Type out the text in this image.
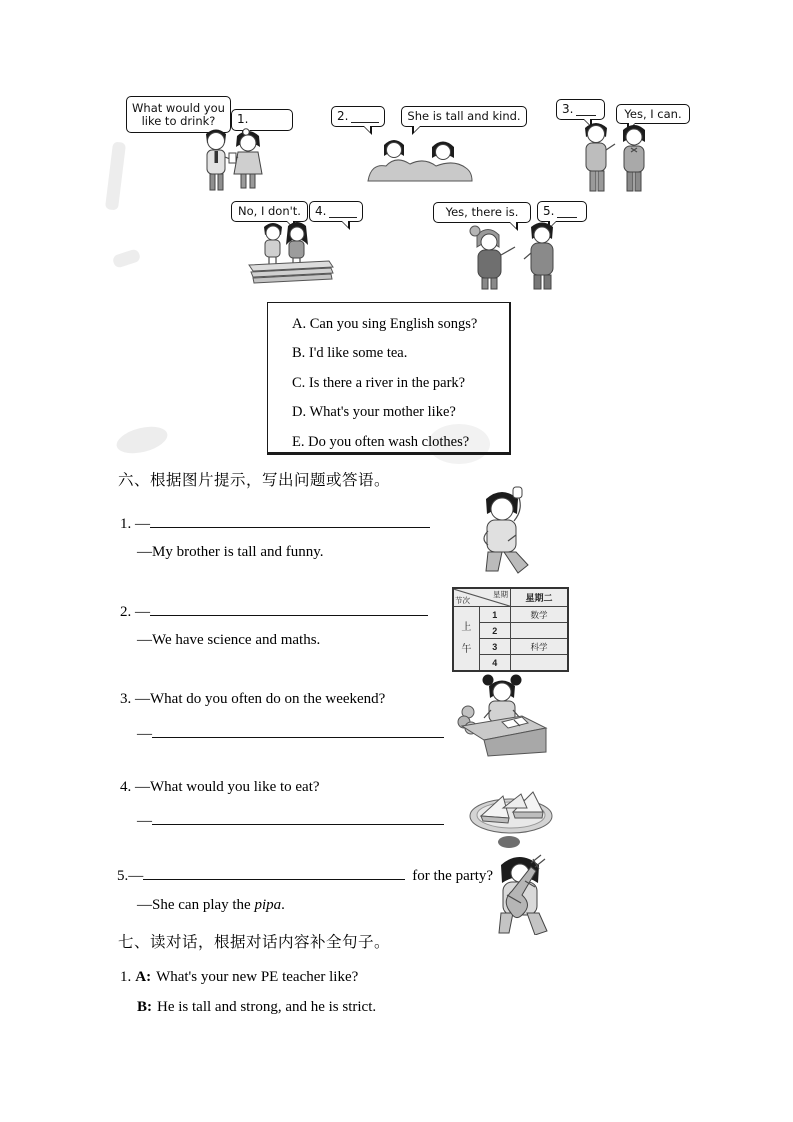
What would you like to drink?	1.	2.	She is tall and kind.
3.	Yes, I can.
No, I don't. 4.	Yes, there is. 5.
A. Can you sing English songs?
B. I'd like some tea.
C. Is there a river in the park?
D. What's your mother like?
E. Do you often wash clothes?
六、根据图片提示，写出问题或答语。
1. —
—My brother is tall and funny.
2. —
—We have science and maths.
星期
节次		星期二

上
午	1	数学
	2	
	3	科学
	4	
3. —What do you often do on the weekend?
—
4. —What would you like to eat?
—
5.—	for the party?
—She can play the pipa.
七、读对话，根据对话内容补全句子。
1. A: What's your new PE teacher like?
B: He is tall and strong, and he is strict.
